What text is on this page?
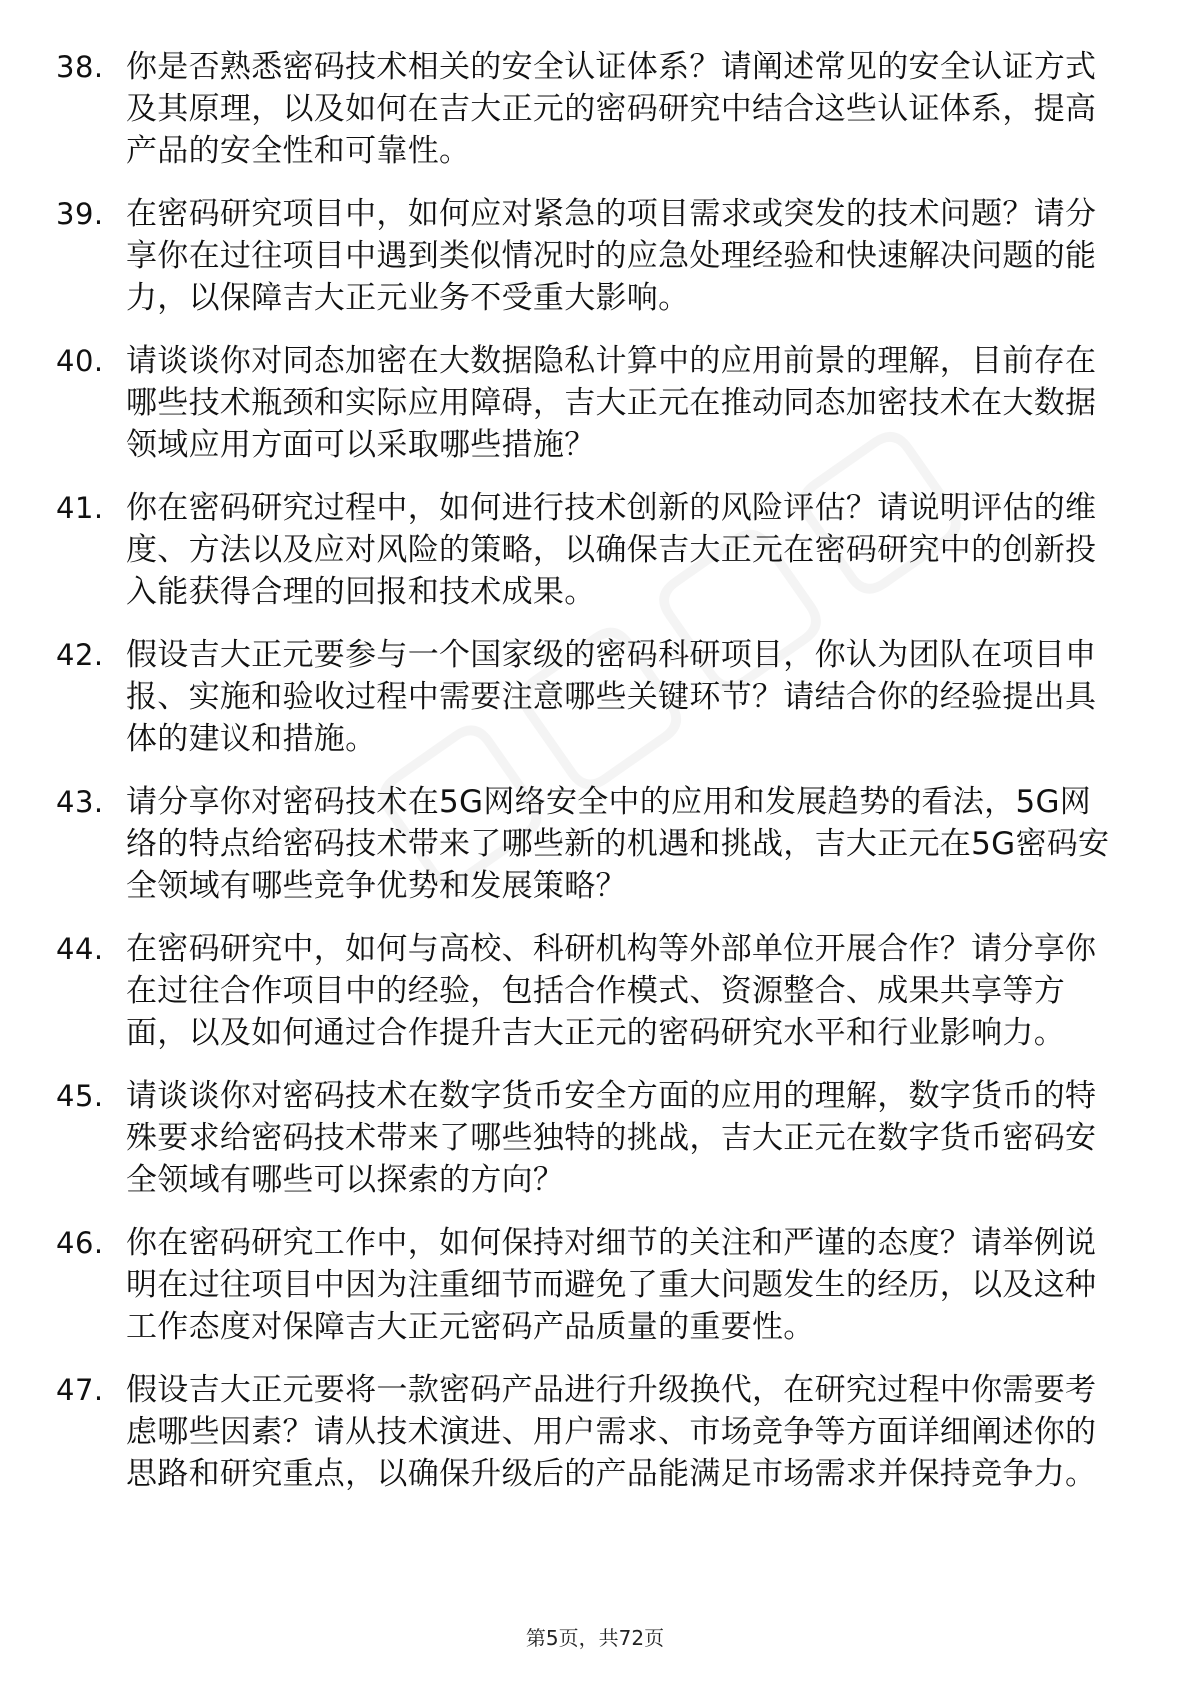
38. 你是否熟悉密码技术相关的安全认证体系？请阐述常见的安全认证方式及其原理，以及如何在吉大正元的密码研究中结合这些认证体系，提高产品的安全性和可靠性。
39. 在密码研究项目中，如何应对紧急的项目需求或突发的技术问题？请分享你在过往项目中遇到类似情况时的应急处理经验和快速解决问题的能力，以保障吉大正元业务不受重大影响。
40. 请谈谈你对同态加密在大数据隐私计算中的应用前景的理解，目前存在哪些技术瓶颈和实际应用障碍，吉大正元在推动同态加密技术在大数据领域应用方面可以采取哪些措施？
41. 你在密码研究过程中，如何进行技术创新的风险评估？请说明评估的维度、方法以及应对风险的策略，以确保吉大正元在密码研究中的创新投入能获得合理的回报和技术成果。
42. 假设吉大正元要参与一个国家级的密码科研项目，你认为团队在项目申报、实施和验收过程中需要注意哪些关键环节？请结合你的经验提出具体的建议和措施。
43. 请分享你对密码技术在5G网络安全中的应用和发展趋势的看法，5G网络的特点给密码技术带来了哪些新的机遇和挑战，吉大正元在5G密码安全领域有哪些竞争优势和发展策略？
44. 在密码研究中，如何与高校、科研机构等外部单位开展合作？请分享你在过往合作项目中的经验，包括合作模式、资源整合、成果共享等方面，以及如何通过合作提升吉大正元的密码研究水平和行业影响力。
45. 请谈谈你对密码技术在数字货币安全方面的应用的理解，数字货币的特殊要求给密码技术带来了哪些独特的挑战，吉大正元在数字货币密码安全领域有哪些可以探索的方向？
46. 你在密码研究工作中，如何保持对细节的关注和严谨的态度？请举例说明在过往项目中因为注重细节而避免了重大问题发生的经历，以及这种工作态度对保障吉大正元密码产品质量的重要性。
47. 假设吉大正元要将一款密码产品进行升级换代，在研究过程中你需要考虑哪些因素？请从技术演进、用户需求、市场竞争等方面详细阐述你的思路和研究重点，以确保升级后的产品能满足市场需求并保持竞争力。
第5页，共72页
